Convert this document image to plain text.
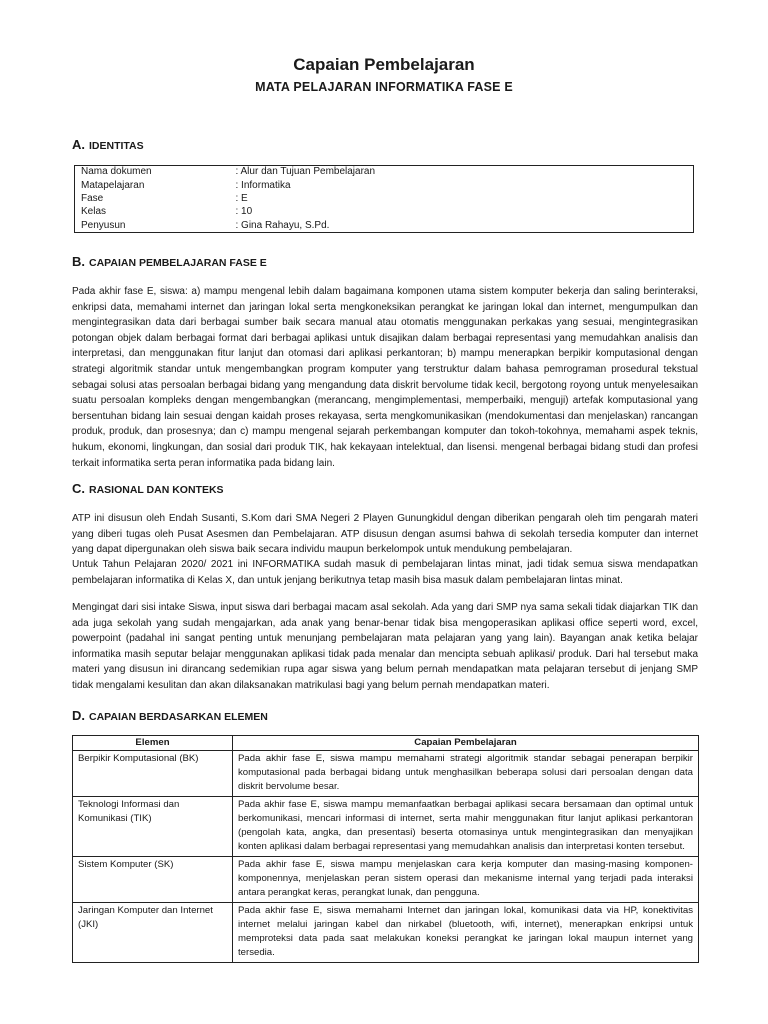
Capaian Pembelajaran
MATA PELAJARAN INFORMATIKA FASE E
A. IDENTITAS
Nama dokumen	: Alur dan Tujuan Pembelajaran
Matapelajaran	: Informatika
Fase	: E
Kelas	: 10
Penyusun	: Gina Rahayu, S.Pd.
B. CAPAIAN PEMBELAJARAN FASE E
Pada akhir fase E, siswa: a) mampu mengenal lebih dalam bagaimana komponen utama sistem komputer bekerja dan saling berinteraksi, enkripsi data, memahami internet dan jaringan lokal serta mengkoneksikan perangkat ke jaringan lokal dan internet, mengumpulkan dan mengintegrasikan data dari berbagai sumber baik secara manual atau otomatis menggunakan perkakas yang sesuai, mengintegrasikan potongan objek dalam berbagai format dari berbagai aplikasi untuk disajikan dalam berbagai representasi yang memudahkan analisis dan interpretasi, dan menggunakan fitur lanjut dan otomasi dari aplikasi perkantoran; b) mampu menerapkan berpikir komputasional dengan strategi algoritmik standar untuk mengembangkan program komputer yang terstruktur dalam bahasa pemrograman prosedural tekstual sebagai solusi atas persoalan berbagai bidang yang mengandung data diskrit bervolume tidak kecil, bergotong royong untuk menyelesaikan suatu persoalan kompleks dengan mengembangkan (merancang, mengimplementasi, memperbaiki, menguji) artefak komputasional yang bersentuhan bidang lain sesuai dengan kaidah proses rekayasa, serta mengkomunikasikan (mendokumentasi dan menjelaskan) rancangan produk, produk, dan prosesnya; dan c) mampu mengenal sejarah perkembangan komputer dan tokoh-tokohnya, memahami aspek teknis, hukum, ekonomi, lingkungan, dan sosial dari produk TIK, hak kekayaan intelektual, dan lisensi. mengenal berbagai bidang studi dan profesi terkait informatika serta peran informatika pada bidang lain.
C. RASIONAL DAN KONTEKS
ATP ini disusun oleh Endah Susanti, S.Kom dari SMA Negeri 2 Playen Gunungkidul dengan diberikan pengarah oleh tim pengarah materi yang diberi tugas oleh Pusat Asesmen dan Pembelajaran. ATP disusun dengan asumsi bahwa di sekolah tersedia komputer dan internet yang dapat dipergunakan oleh siswa baik secara individu maupun berkelompok untuk mendukung pembelajaran.
Untuk Tahun Pelajaran 2020/ 2021 ini INFORMATIKA sudah masuk di pembelajaran lintas minat, jadi tidak semua siswa mendapatkan pembelajaran informatika di Kelas X, dan untuk jenjang berikutnya tetap masih bisa masuk dalam pembelajaran lintas minat.
Mengingat dari sisi intake Siswa, input siswa dari berbagai macam asal sekolah. Ada yang dari SMP nya sama sekali tidak diajarkan TIK dan ada juga sekolah yang sudah mengajarkan, ada anak yang benar-benar tidak bisa mengoperasikan aplikasi office seperti word, excel, powerpoint (padahal ini sangat penting untuk menunjang pembelajaran mata pelajaran yang yang lain). Bayangan anak ketika belajar informatika masih seputar belajar menggunakan aplikasi tidak pada menalar dan mencipta sebuah aplikasi/ produk. Dari hal tersebut maka materi yang disusun ini dirancang sedemikian rupa agar siswa yang belum pernah mendapatkan mata pelajaran tersebut di jenjang SMP tidak mengalami kesulitan dan akan dilaksanakan matrikulasi bagi yang belum pernah mendapatkan materi.
D. CAPAIAN BERDASARKAN ELEMEN
Elemen	Capaian Pembelajaran
Berpikir Komputasional (BK)	Pada akhir fase E, siswa mampu memahami strategi algoritmik standar sebagai penerapan berpikir komputasional pada berbagai bidang untuk menghasilkan beberapa solusi dari persoalan dengan data diskrit bervolume besar.
Teknologi Informasi dan Komunikasi (TIK)	Pada akhir fase E, siswa mampu memanfaatkan berbagai aplikasi secara bersamaan dan optimal untuk berkomunikasi, mencari informasi di internet, serta mahir menggunakan fitur lanjut aplikasi perkantoran (pengolah kata, angka, dan presentasi) beserta otomasinya untuk mengintegrasikan dan menyajikan konten aplikasi dalam berbagai representasi yang memudahkan analisis dan interpretasi konten tersebut.
Sistem Komputer (SK)	Pada akhir fase E, siswa mampu menjelaskan cara kerja komputer dan masing-masing komponen-komponennya, menjelaskan peran sistem operasi dan mekanisme internal yang terjadi pada interaksi antara perangkat keras, perangkat lunak, dan pengguna.
Jaringan Komputer dan Internet (JKI)	Pada akhir fase E, siswa memahami Internet dan jaringan lokal, komunikasi data via HP, konektivitas internet melalui jaringan kabel dan nirkabel (bluetooth, wifi, internet), menerapkan enkripsi untuk memproteksi data pada saat melakukan koneksi perangkat ke jaringan lokal maupun internet yang tersedia.
